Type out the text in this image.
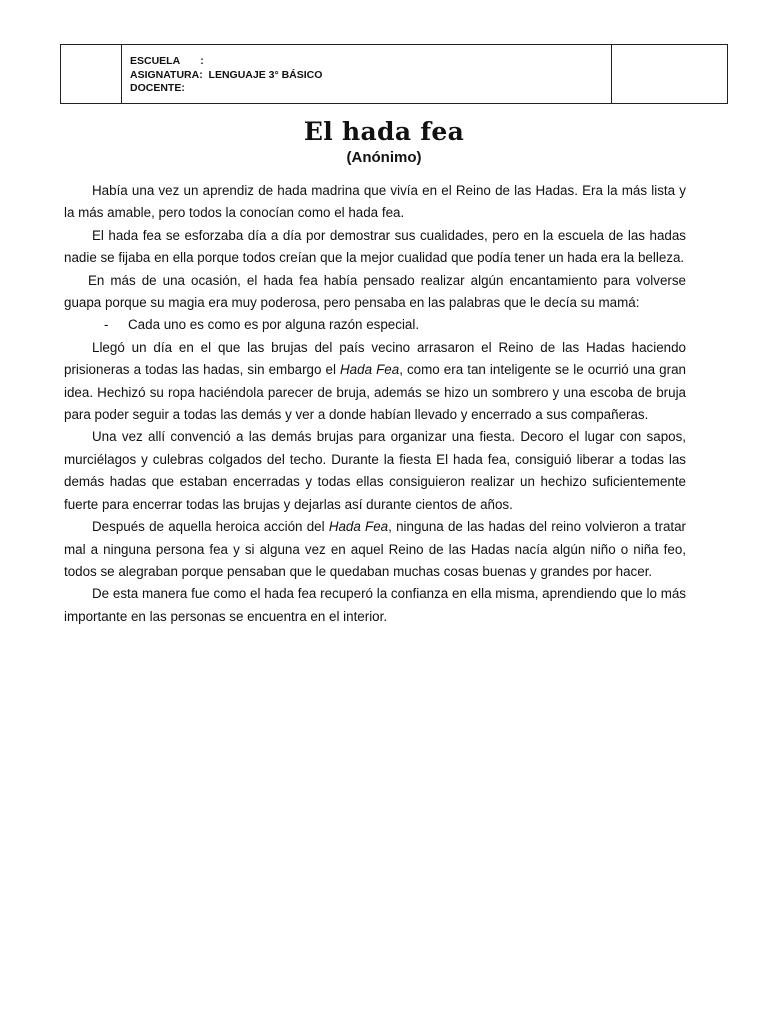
ESCUELA       :
ASIGNATURA:  LENGUAJE 3° BÁSICO
DOCENTE:
El hada fea
(Anónimo)

Había una vez un aprendiz de hada madrina que vivía en el Reino de las Hadas. Era la más lista y la más amable, pero todos la conocían como el hada fea.

El hada fea se esforzaba día a día por demostrar sus cualidades, pero en la escuela de las hadas nadie se fijaba en ella porque todos creían que la mejor cualidad que podía tener un hada era la belleza.

En más de una ocasión, el hada fea había pensado realizar algún encantamiento para volverse guapa porque su magia era muy poderosa, pero pensaba en las palabras que le decía su mamá:

- Cada uno es como es por alguna razón especial.

Llegó un día en el que las brujas del país vecino arrasaron el Reino de las Hadas haciendo prisioneras a todas las hadas, sin embargo el Hada Fea, como era tan inteligente se le ocurrió una gran idea. Hechizó su ropa haciéndola parecer de bruja, además se hizo un sombrero y una escoba de bruja para poder seguir a todas las demás y ver a donde habían llevado y encerrado a sus compañeras.

Una vez allí convenció a las demás brujas para organizar una fiesta. Decoro el lugar con sapos, murciélagos y culebras colgados del techo. Durante la fiesta El hada fea, consiguió liberar a todas las demás hadas que estaban encerradas y todas ellas consiguieron realizar un hechizo suficientemente fuerte para encerrar todas las brujas y dejarlas así durante cientos de años.

Después de aquella heroica acción del Hada Fea, ninguna de las hadas del reino volvieron a tratar mal a ninguna persona fea y si alguna vez en aquel Reino de las Hadas nacía algún niño o niña feo, todos se alegraban porque pensaban que le quedaban muchas cosas buenas y grandes por hacer.

De esta manera fue como el hada fea recuperó la confianza en ella misma, aprendiendo que lo más importante en las personas se encuentra en el interior.
